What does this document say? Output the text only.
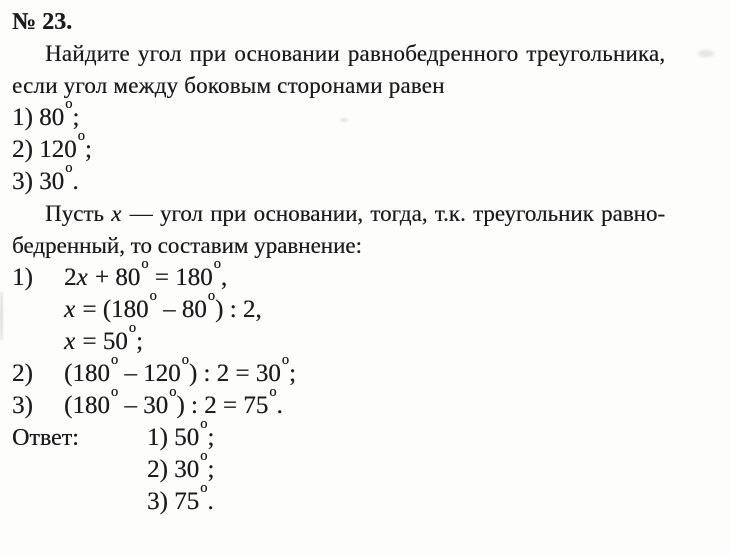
№ 23.

Найдите угол при основании равнобедренного треугольника,

если угол между боковым сторонами равен

1) 80$^o$;
2) 120$^o$;
3) 30$^o$.

Пусть x — угол при основании, тогда, т.к. треугольник равно-

бедренный, то составим уравнение:

1)	$2x + 80^o = 180^o$,
$x = (180^o - 80^o)$ : 2,
$x = 50^o$;
2)	(180$^o$ – 120$^o$) : $2 = 30^o$;
3)	(180$^o$ – 30$^o$) : $2 = 75^o$.
Ответ:	1) 50$^o$;
2) 30$^o$;
3) 75$^o$.
